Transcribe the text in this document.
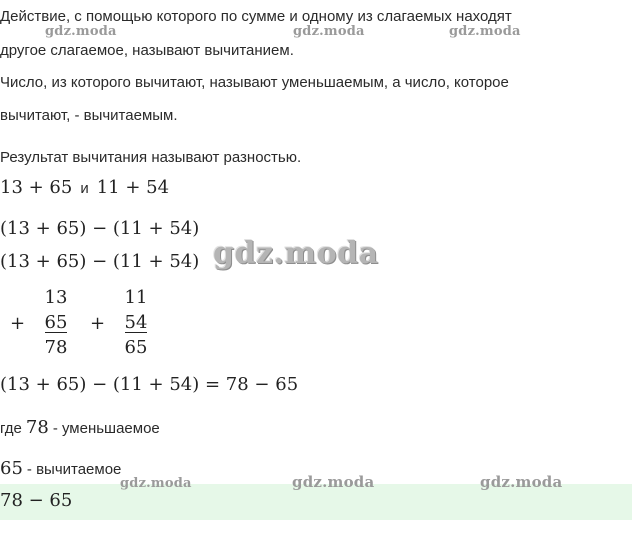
Действие, с помощью которого по сумме и одному из слагаемых находят
другое слагаемое, называют вычитанием.
Число, из которого вычитают, называют уменьшаемым, а число, которое
вычитают, - вычитаемым.
Результат вычитания называют разностью.
gdz.moda	gdz.moda	gdz.moda
13 + 65 и 11 + 54
(13 + 65) − (11 + 54)
(13 + 65) − (11 + 54) gdz.moda
13
+	65
78
11
+	54
65
(13 + 65) − (11 + 54) = 78 − 65
где 78 - уменьшаемое
65 - вычитаемое
78 − 65
gdz.moda	gdz.moda	gdz.moda
